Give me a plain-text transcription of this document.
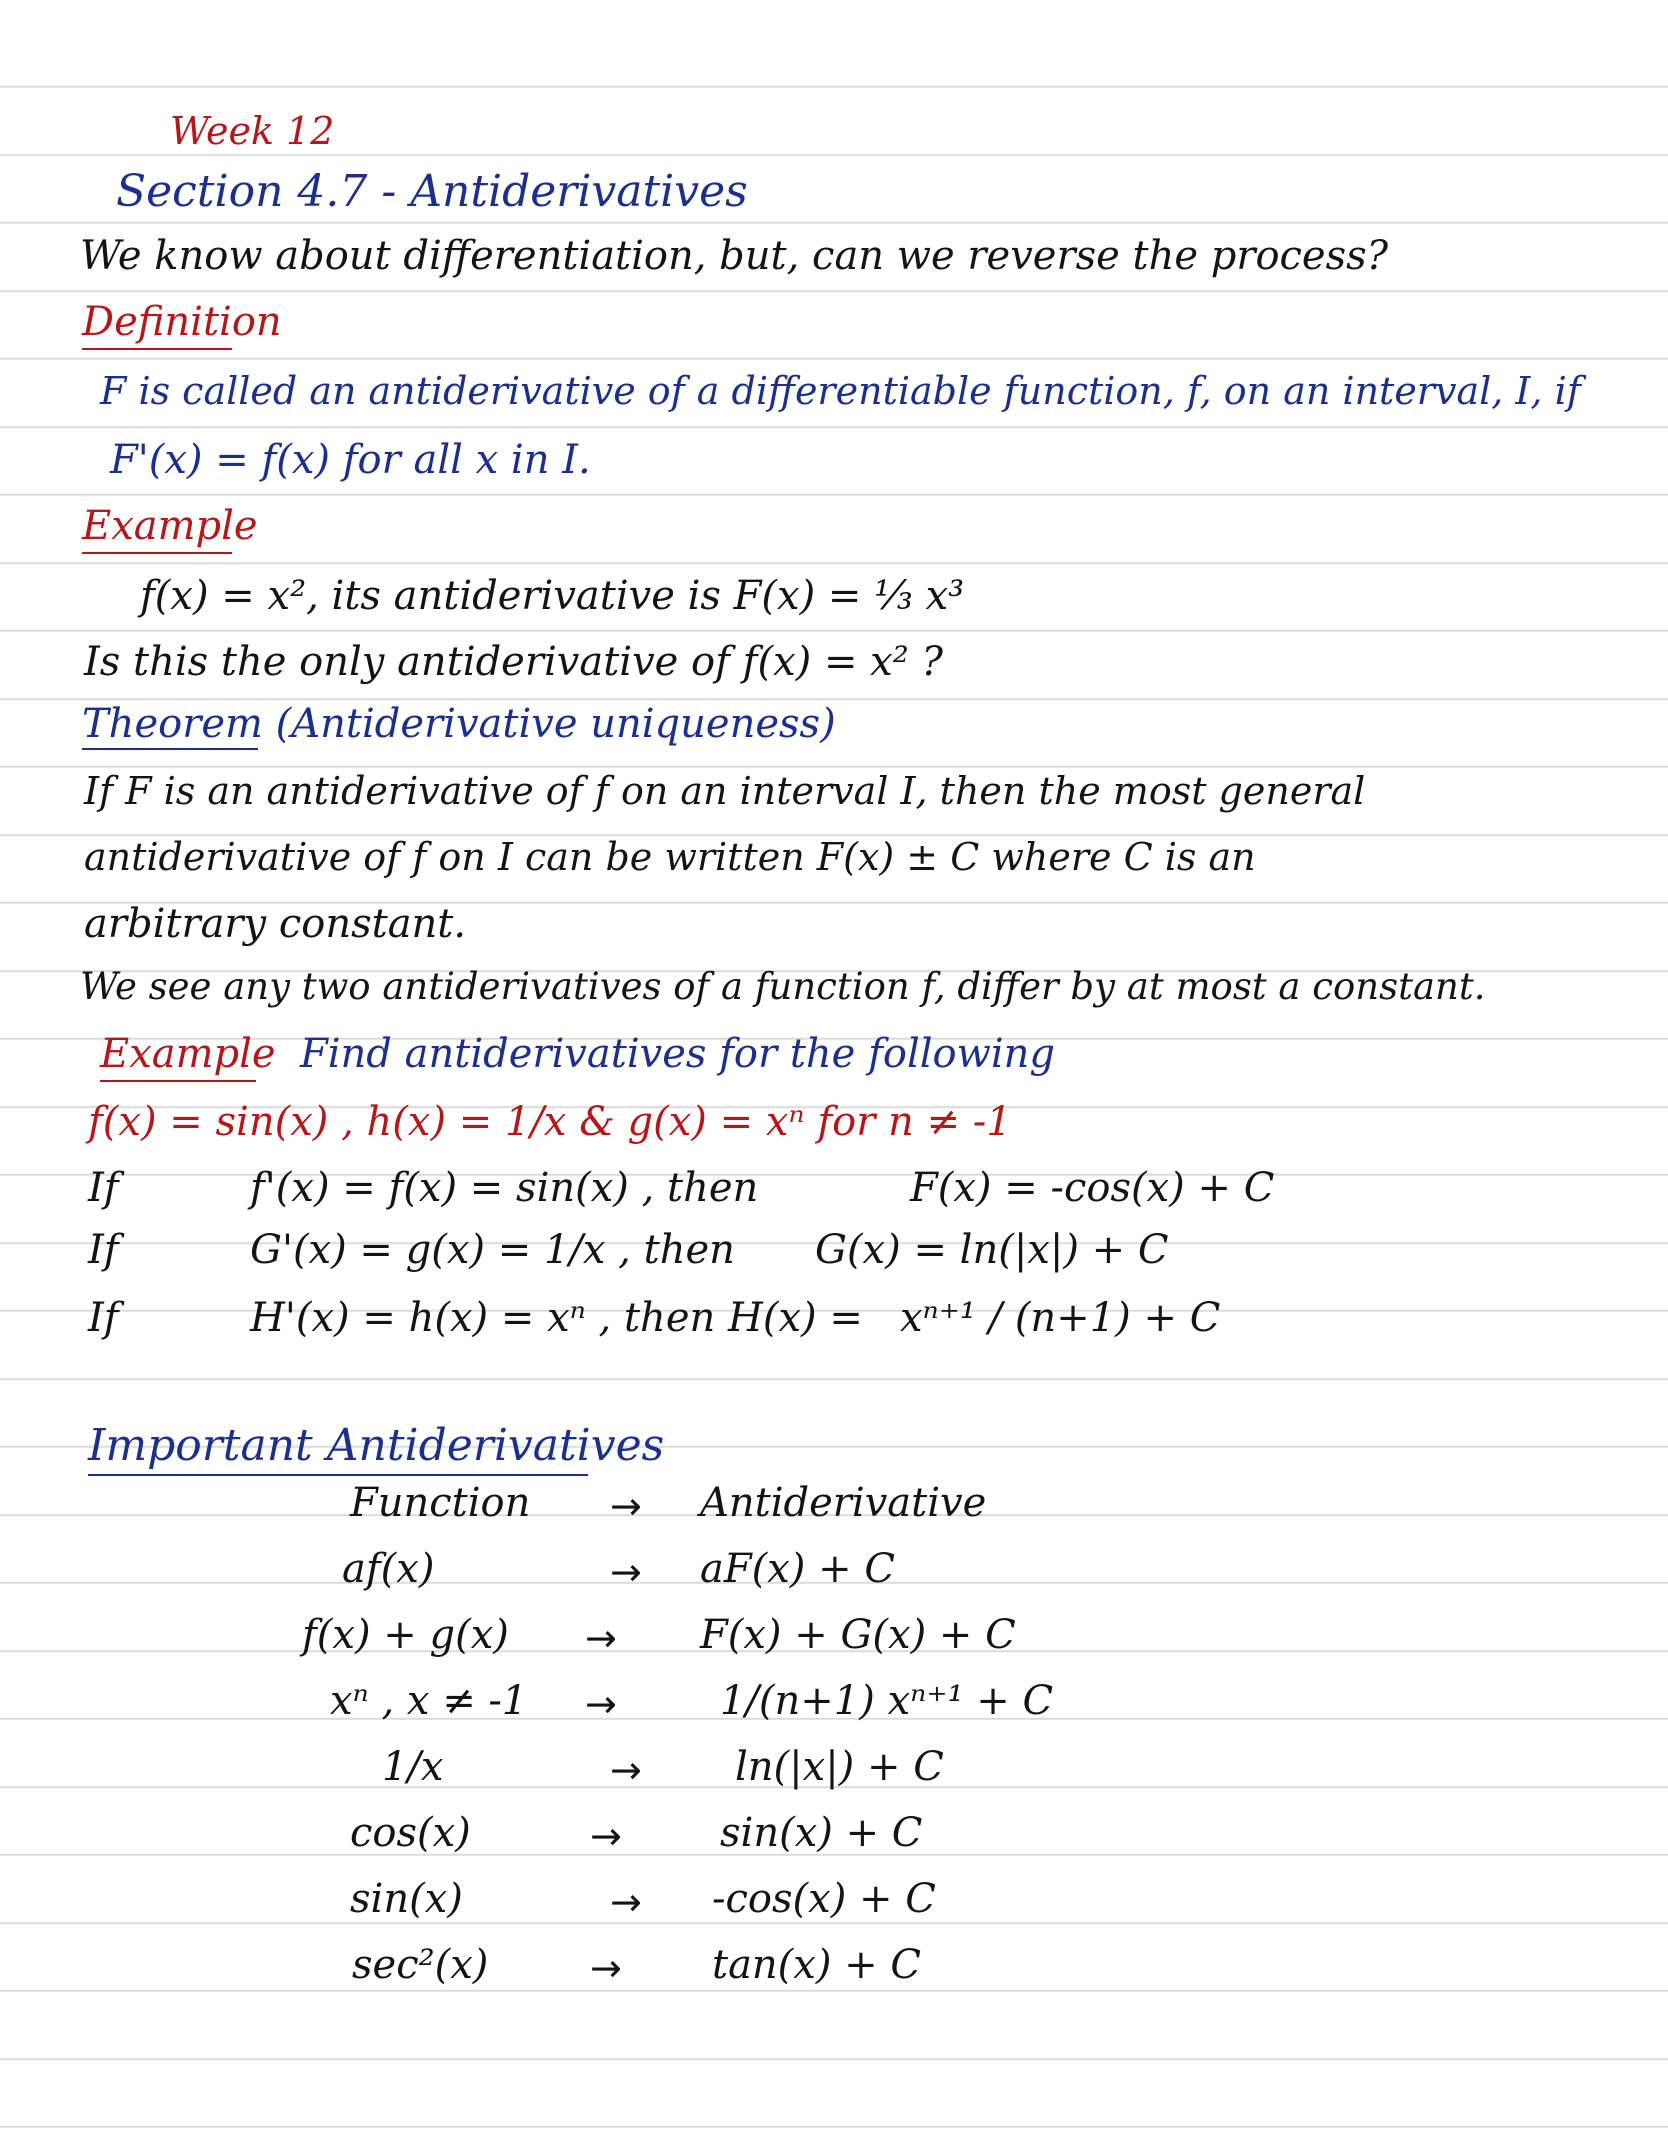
Week 12
Section 4.7 - Antiderivatives
We know about differentiation, but, can we reverse the process?
Definition
F is called an antiderivative of a differentiable function, f, on an interval, I, if
F'(x) = f(x) for all x in I.
Example
f(x) = x², its antiderivative is F(x) = ⅓ x³
Is this the only antiderivative of f(x) = x² ?
Theorem (Antiderivative uniqueness)
If F is an antiderivative of f on an interval I, then the most general
antiderivative of f on I can be written F(x) ± C where C is an
arbitrary constant.
We see any two antiderivatives of a function f, differ by at most a constant.
Example Find antiderivatives for the following
f(x) = sin(x) , h(x) = 1/x & g(x) = xⁿ for n ≠ -1
If	f'(x) = f(x) = sin(x) , then	F(x) = -cos(x) + C
If	G'(x) = g(x) = 1/x , then G(x) = ln(|x|) + C
If	H'(x) = h(x) = xⁿ , then H(x) = xⁿ⁺¹ / (n+1) + C
Important Antiderivatives
Function → Antiderivative
af(x)	→ aF(x) + C
f(x) + g(x) → F(x) + G(x) + C
xⁿ , x ≠ -1 →	1/(n+1) xⁿ⁺¹ + C
1/x	→ ln(|x|) + C
cos(x)	→ sin(x) + C
sin(x)	→ -cos(x) + C
sec²(x)	→ tan(x) + C
